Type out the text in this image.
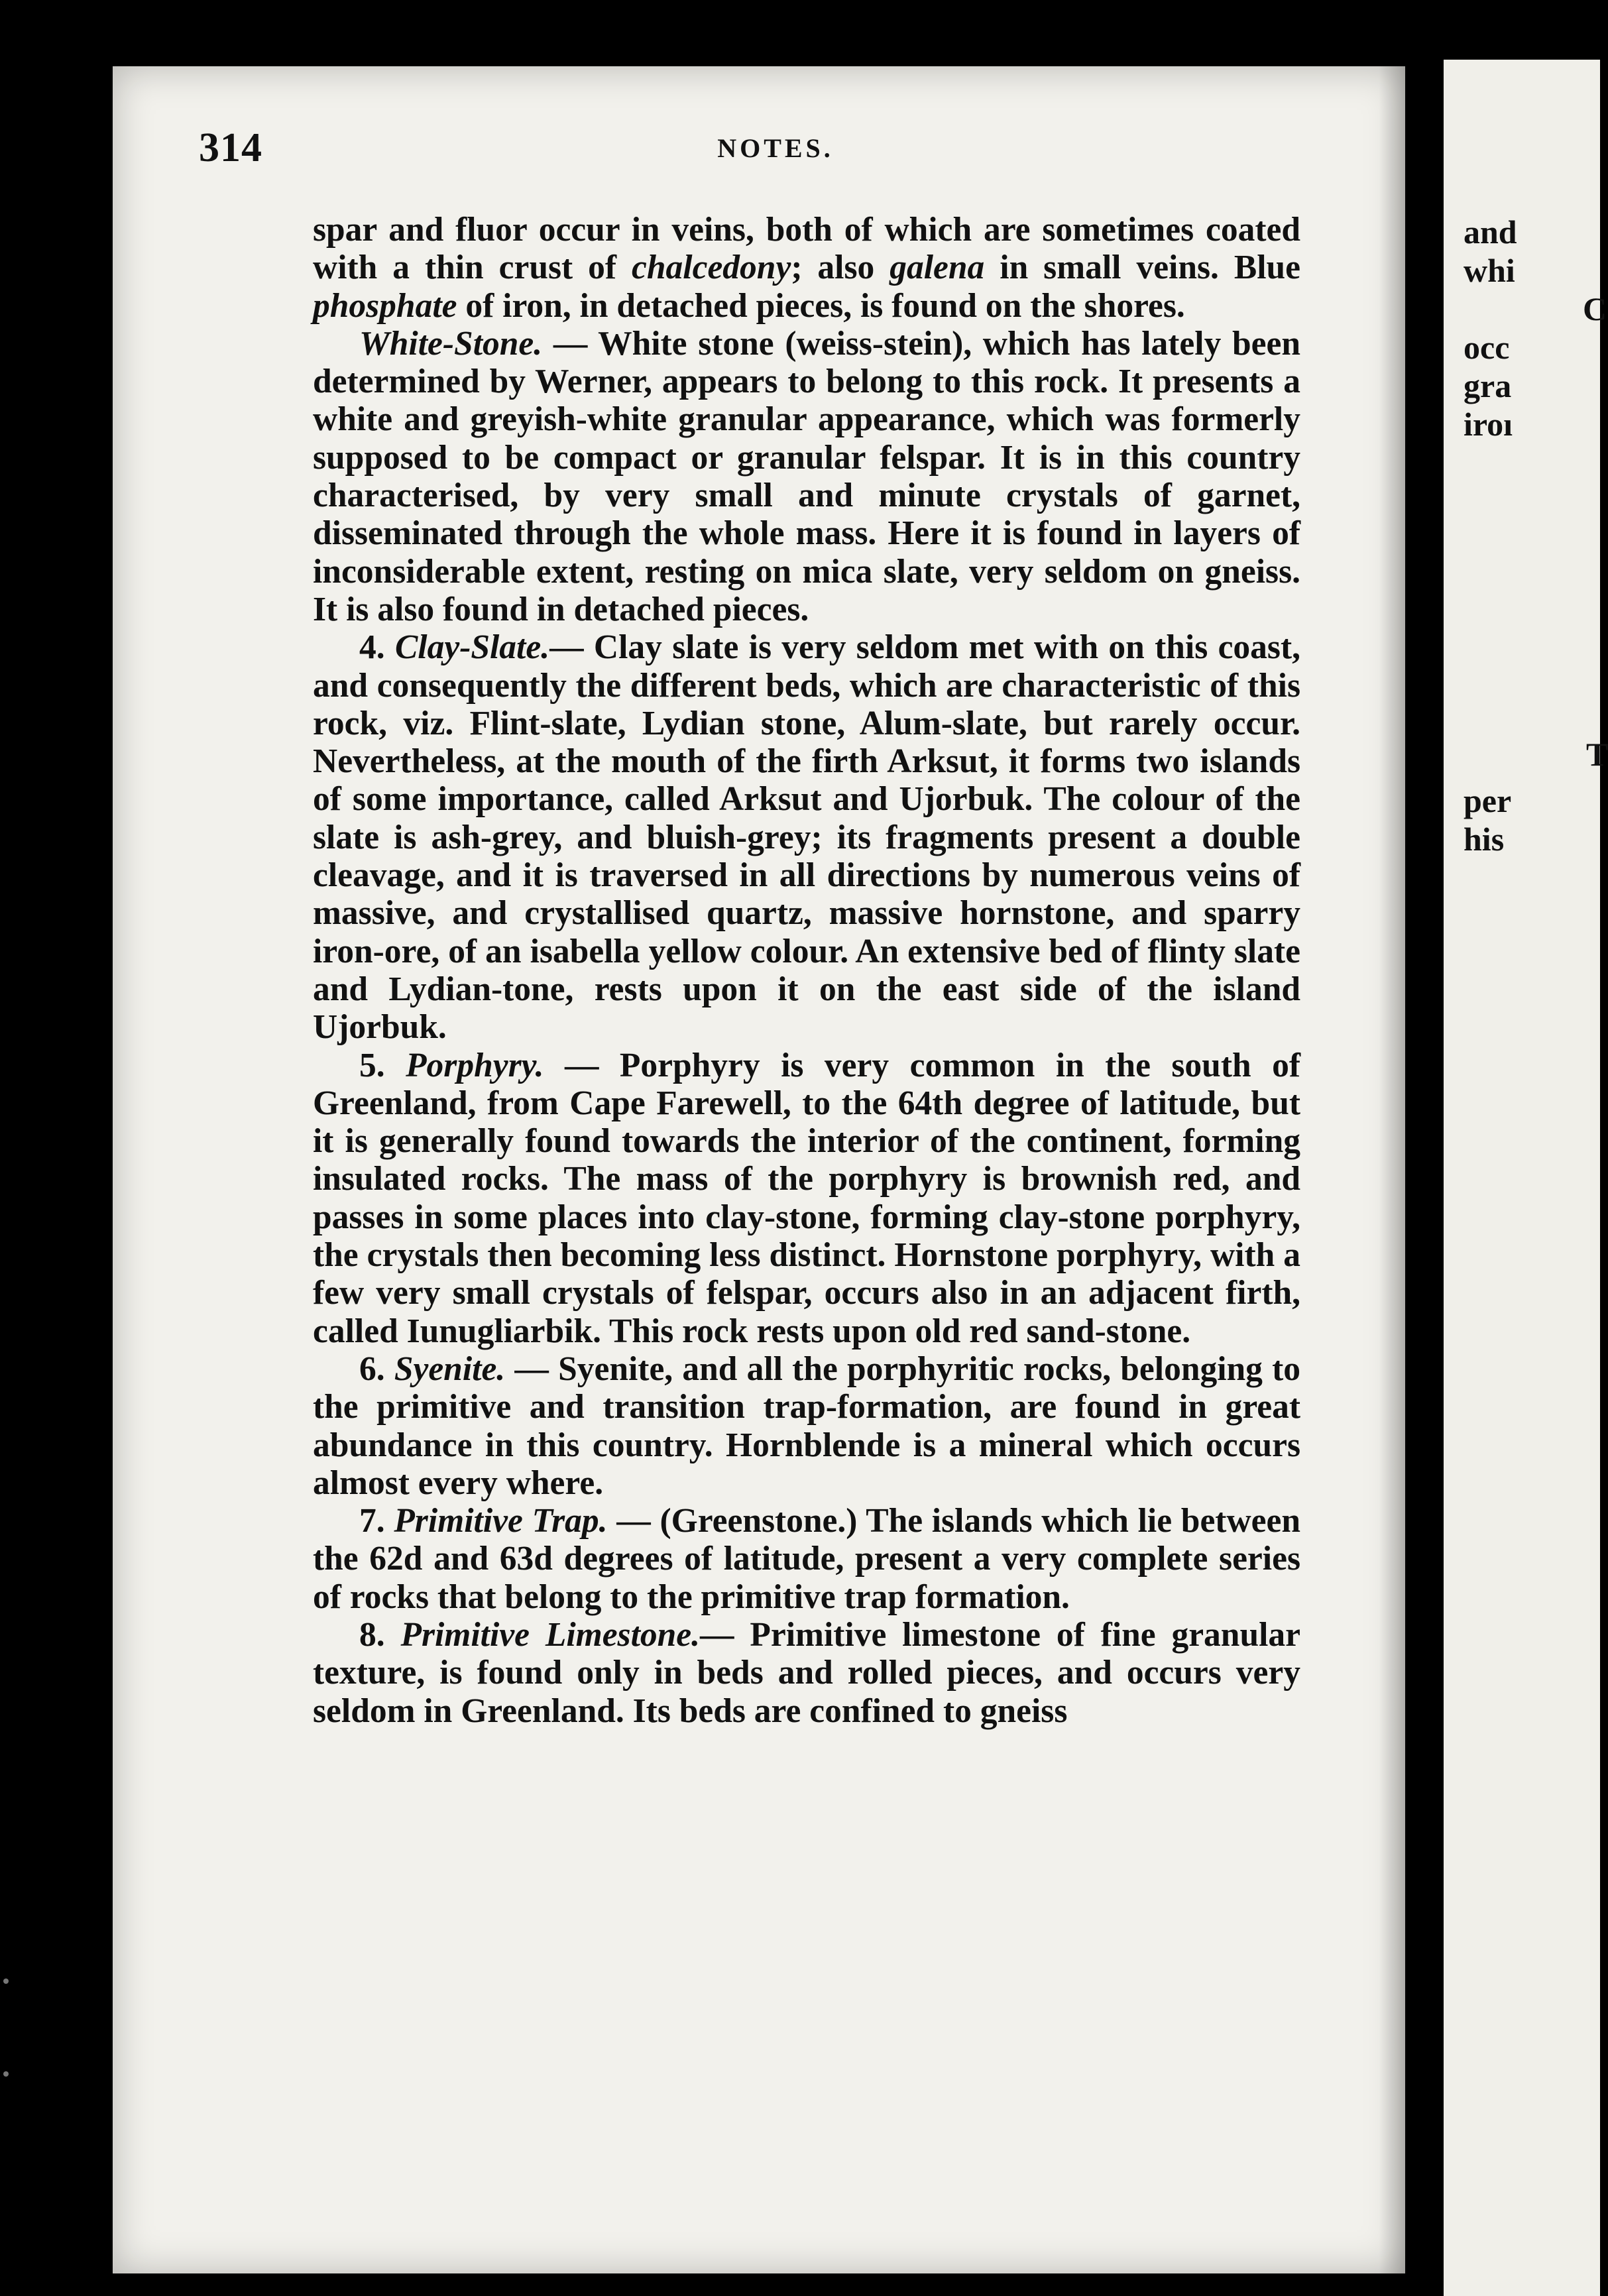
314	NOTES.

spar and fluor occur in veins, both of which are sometimes coated with a thin crust of chalcedony; also galena in small veins. Blue phosphate of iron, in detached pieces, is found on the shores.

White-Stone. — White stone (weiss-stein), which has lately been determined by Werner, appears to belong to this rock. It presents a white and greyish-white granular appearance, which was formerly supposed to be compact or granular felspar. It is in this country characterised, by very small and minute crystals of garnet, disseminated through the whole mass. Here it is found in layers of inconsiderable extent, resting on mica slate, very seldom on gneiss. It is also found in detached pieces.

4. Clay-Slate.— Clay slate is very seldom met with on this coast, and consequently the different beds, which are characteristic of this rock, viz. Flint-slate, Lydian stone, Alum-slate, but rarely occur. Nevertheless, at the mouth of the firth Arksut, it forms two islands of some importance, called Arksut and Ujorbuk. The colour of the slate is ash-grey, and bluish-grey; its fragments present a double cleavage, and it is traversed in all directions by numerous veins of massive, and crystallised quartz, massive hornstone, and sparry iron-ore, of an isabella yellow colour. An extensive bed of flinty slate and Lydian-tone, rests upon it on the east side of the island Ujorbuk.

5. Porphyry. — Porphyry is very common in the south of Greenland, from Cape Farewell, to the 64th degree of latitude, but it is generally found towards the interior of the continent, forming insulated rocks. The mass of the porphyry is brownish red, and passes in some places into clay-stone, forming clay-stone porphyry, the crystals then becoming less distinct. Hornstone porphyry, with a few very small crystals of felspar, occurs also in an adjacent firth, called Iunugliarbik. This rock rests upon old red sand-stone.

6. Syenite. — Syenite, and all the porphyritic rocks, belonging to the primitive and transition trap-formation, are found in great abundance in this country. Hornblende is a mineral which occurs almost every where.

7. Primitive Trap. — (Greenstone.) The islands which lie between the 62d and 63d degrees of latitude, present a very complete series of rocks that belong to the primitive trap formation.

8. Primitive Limestone.— Primitive limestone of fine granular texture, is found only in beds and rolled pieces, and occurs very seldom in Greenland. Its beds are confined to gneiss

and
whi
C
occ
gra
iroı
T
per
his
